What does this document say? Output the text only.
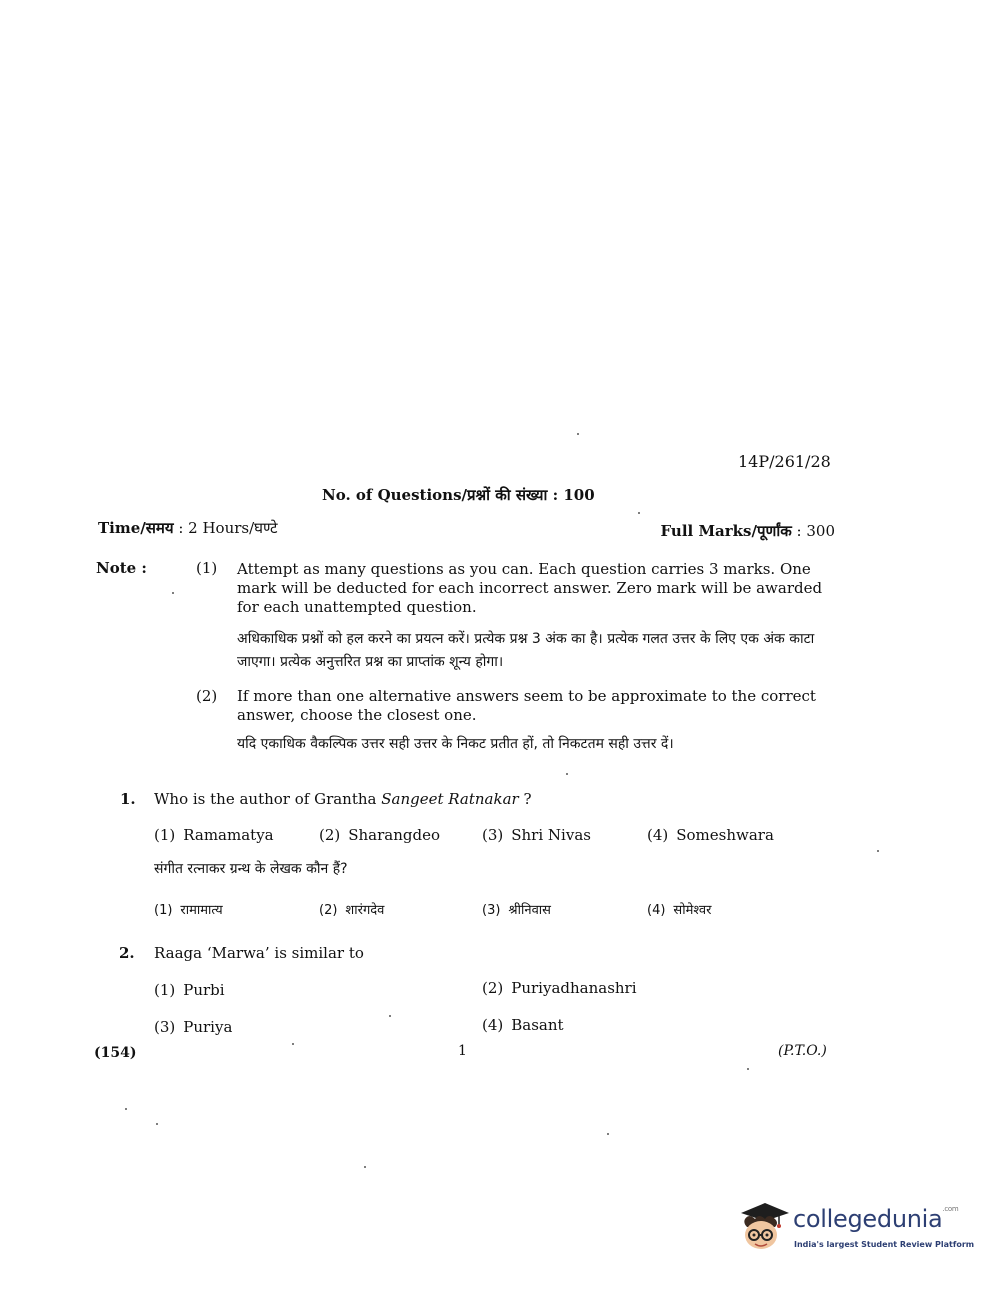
14P/261/28
No. of Questions/प्रश्नों की संख्या : 100
Time/समय : 2 Hours/घण्टे	Full Marks/पूर्णांक : 300
Note :	(1) Attempt as many questions as you can. Each question carries 3 marks. One mark will be deducted for each incorrect answer. Zero mark will be awarded for each unattempted question.
अधिकाधिक प्रश्नों को हल करने का प्रयत्न करें। प्रत्येक प्रश्न 3 अंक का है। प्रत्येक गलत उत्तर के लिए एक अंक काटा जाएगा। प्रत्येक अनुत्तरित प्रश्न का प्राप्तांक शून्य होगा।
(2) If more than one alternative answers seem to be approximate to the correct answer, choose the closest one.
यदि एकाधिक वैकल्पिक उत्तर सही उत्तर के निकट प्रतीत हों, तो निकटतम सही उत्तर दें।
1. Who is the author of Grantha Sangeet Ratnakar ?
(1) Ramamatya	(2) Sharangdeo	(3) Shri Nivas	(4) Someshwara
संगीत रत्नाकर ग्रन्थ के लेखक कौन हैं?
(1) रामामात्य	(2) शारंगदेव	(3) श्रीनिवास	(4) सोमेश्वर
2. Raaga ‘Marwa’ is similar to
(1) Purbi	(2) Puriyadhanashri
(3) Puriya	(4) Basant
(154)	1	(P.T.O.)
collegedunia$^{.com}$
India's largest Student Review Platform
